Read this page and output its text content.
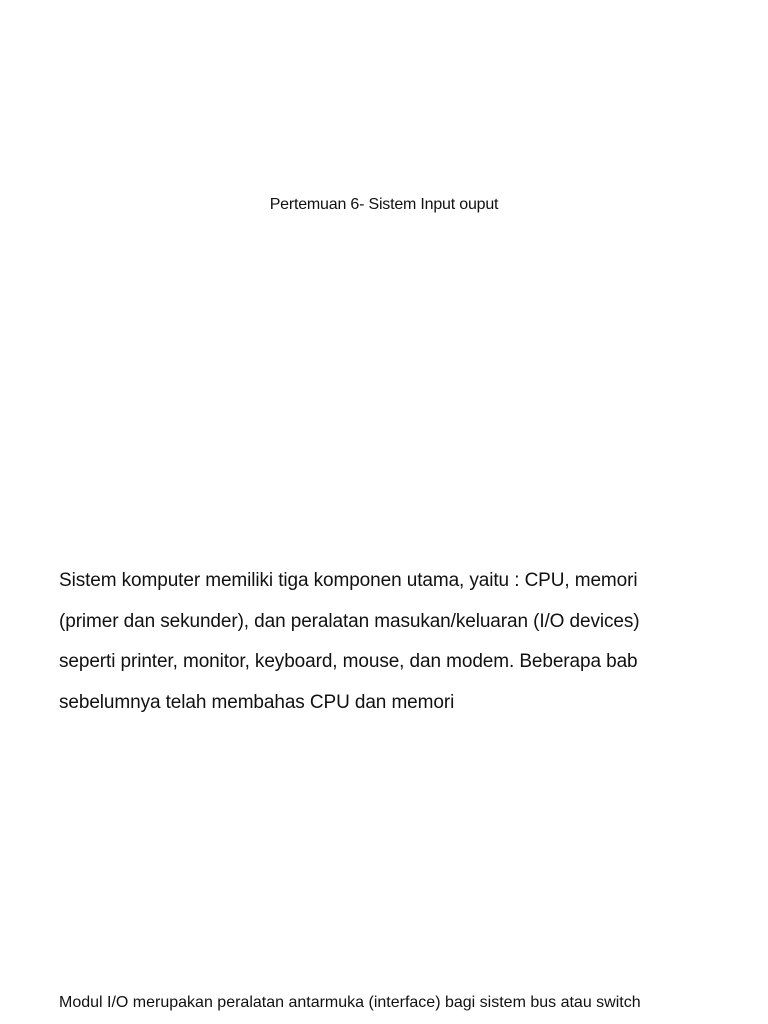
Pertemuan 6- Sistem Input ouput

Sistem komputer memiliki tiga komponen utama, yaitu : CPU, memori
(primer dan sekunder), dan peralatan masukan/keluaran (I/O devices)
seperti printer, monitor, keyboard, mouse, dan modem. Beberapa bab
sebelumnya telah membahas CPU dan memori

Modul I/O merupakan peralatan antarmuka (interface) bagi sistem bus atau switch
